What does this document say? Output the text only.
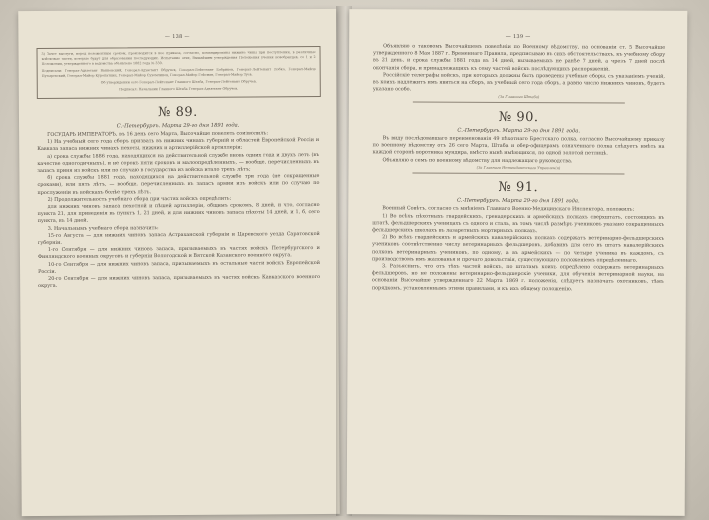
— 138 —

3) Зачет выслуги, перед положенным сроком, производится в нее приказа, согласно, командированы нижние чины при поступлении, в различные войсковые части, которые будут для образования последующих. Испытание этих, Вышайшим утверждения Положения учения новобранцев, со 1 и 2 Положения, утвержденного в ведомства объявлено 1882 года № 330.

Подписали: Генерал-Адъютант Ванновский, Генерал-Адъютант Обручев, Генерал-Лейтенант Бобриков, Генерал-Лейтенант Лобко, Генерал-Майор Пузыревский, Генерал-Майор Куропаткин, Генерал-Майор Сухомлинов, Генерал-Майор Гейсман, Генерал-Майор Зуев.

Об утверждении сего Генерал-Лейтенант Главного Штаба, Генерал-Лейтенант Обручев.

Подписал: Начальник Главного Штаба Генерал-Адъютант Обручев.

№ 89.
С.-Петербургъ. Марта 29-го дня 1891 года.

ГОСУДАРЬ ИМПЕРАТОРЪ, въ 16 день сего Марта, Высочайше повелеть соизволилъ:

1) На учебный сего года сборъ призвать въ нижних чинахъ губерній и областей Европейской Россіи и Кавказа запаса нижних чинахъ пехоты, нижних и артиллерійской артиллеріи:

а) срока службы 1886 года, находящихся на действительной службе вновь одних года и двухъ летъ (въ качестве одногодичныхъ), и не сорокъ пяти сроковъ и малоопредѣленныхъ, — вообще, перечисленныхъ въ запасъ приня из войскъ или по случаю в государства из войска итало трехъ лѣтъ;

б) срока службы 1881 года, находящихся на действительной службе три года (не сокращенные сроками), или пять лѣтъ, — вообще, перечисленныхъ въ запасъ армии изъ войскъ или по случаю по прослуженіи въ войскахъ болѣе трехъ лѣтъ.

2) Продолжительность учебнаго сбора при частях войскъ опредѣлить:

для нижних чиновъ запаса пехотной и пѣшей артиллеріи, общимъ срокомъ, 8 дней, и что, согласно пункта 21, для приведенія вь пунктъ 1, 21 дней, и для нижних чиновъ запаса пѣхоты 14 дней, и 1, б, сего пункта, въ 14 дней.

3. Начальнымъ учебнаго сбора назначить:

15-го Августа — для нижних чиновъ запаса Астраханской губерніи и Царевского уезда Саратовской губерніи.

1-го Сентября — для нижних чиновъ запаса, призываемыхъ въ частях войскъ Петербургского и Финляндского военных округовъ и губерніи Вологодской и Вятской Казанского военного округа.

10-го Сентября — для нижних чиновъ запаса, призываемыхъ въ остальные части войскъ Европейской Россіи.

20-го Сентября — для нижних чиновъ запаса, призываемыхъ въ частях войскъ Кавказского военного округа.

— 139 —

Объявляю о таковомъ Высочайшемъ повелѣніи по Военному вѣдомству, на основаніи ст. 5 Высочайше утвержденного 8 Мая 1887 г. Временнаго Правила, предписываю въ сихъ обстоятельствахъ, къ учебному сбору въ 21 день, и срока службы 1881 года въ 14 дней, вызываемыхъ не ранѣе 7 дней, а чрезъ 7 дней послѣ окончанія сбора, и принадлежащихъ къ сему частей войскъ послѣдующихъ распоряженій.

Россійскіе телеграфы войскъ, при которыхъ должны быть проведены учебные сборы, съ указаніемъ ученій, въ коихъ надлежитъ имъ явиться на сборъ, въ учебный сего года сборъ, а равно число нижнихъ чиновъ, будетъ указано особо.

(За Главнаго Штаба)
№ 90.
С.-Петербургъ. Марта 29-го дня 1891 года.

Въ виду послѣдовавшаго переименованія 49 пѣхотнаго Брестскаго полка, согласно Высочайшему приказу по военному вѣдомству отъ 26 сего Марта, Штаба и обер-офицерамъ означеннаго полка слѣдуетъ имѣть на каждой сторонѣ воротника мундира, вмѣсто нынѣ имѣющихся, по одной золотой петлицѣ.

Объявляю о семъ по военному вѣдомству для надлежащаго руководства.

(За Главнаго Интендантскаго Управленія)
№ 91.
С.-Петербургъ. Марта 29-го дня 1891 года.

Военный Совѣтъ, согласно съ мнѣніемъ Главнаго Военно-Медицинскаго Инспектора, положилъ:

1) Во всѣхъ пѣхотныхъ гвардейскихъ, гренадерскихъ и армейскихъ полкахъ сверхштатъ, состоящихъ въ штатѣ, фельдшерскихъ ученицахъ съ одного и сталь, въ томъ числѣ размѣръ учениковъ указано сокращенныхъ фельдшерскихъ школахъ въ лазаретныхъ мортирныхъ полкахъ.

2) Во всѣхъ гвардейскихъ и армейскихъ кавалерійскихъ полкахъ содержатъ ветеринарно-фельдшерскихъ учениковъ соотвѣтственно числу ветеринарныхъ фельдшеровъ, добавивъ для сего въ штатъ кавалерійскихъ полковъ ветеринарныхъ учениковъ, по одному, а въ армейскихъ — по четыре ученика въ каждомъ, съ производствомъ имъ жалованья и прочаго довольствія, существующаго положеніемъ опредѣленнаго.

3. Разъяснить, что отъ тѣхъ частей войскъ, по штатамъ коихъ опредѣлено содержать ветеринарныхъ фельдшеровъ, но не положены ветеринарно-фельдшерскіе ученики, для обученія ветеринарной науки, на основаніи Высочайше утвержденнаго 22 Марта 1869 г. положенія, слѣдуетъ назначать охотниковъ, тѣмъ порядкомъ, установленнымъ этими правилами, и къ ихъ общему положенію.
